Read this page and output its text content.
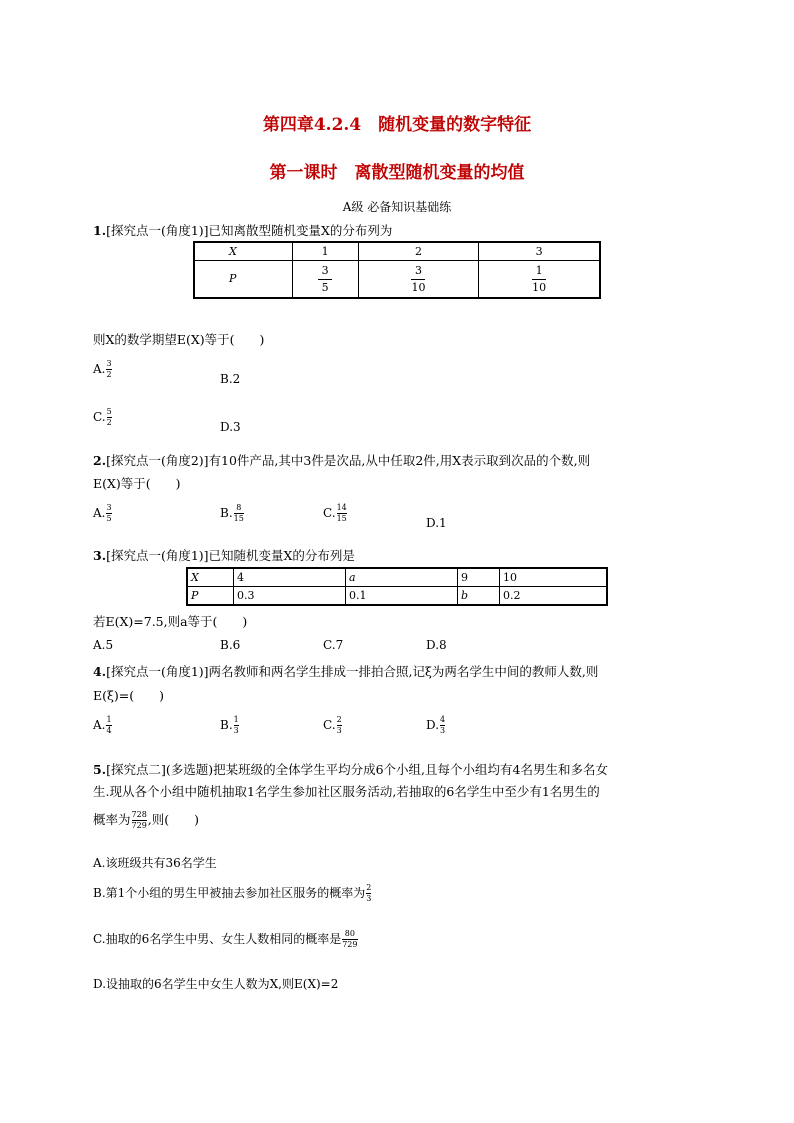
第四章4.2.4　随机变量的数字特征
第一课时　离散型随机变量的均值
A级 必备知识基础练
1.[探究点一(角度1)]已知离散型随机变量X的分布列为
X	1	2	3
P	$\frac{3}{5}$	$\frac{3}{10}$	$\frac{1}{10}$
则X的数学期望E(X)等于(　　)
A. $\frac{3}{2}$	B.2
C. $\frac{5}{2}$	D.3
2.[探究点一(角度2)]有10件产品,其中3件是次品,从中任取2件,用X表示取到次品的个数,则
E(X)等于(　　)
A. $\frac{3}{5}$	B. $\frac{8}{15}$	C. $\frac{14}{15}$	D.1
3.[探究点一(角度1)]已知随机变量X的分布列是
X	4	a	9	10
P	0.3	0.1	b	0.2
若E(X)=7.5,则a等于(　　)
A.5	B.6	C.7	D.8
4.[探究点一(角度1)]两名教师和两名学生排成一排拍合照,记ξ为两名学生中间的教师人数,则
E(ξ)=(　　)
A. $\frac{1}{4}$	B. $\frac{1}{3}$	C. $\frac{2}{3}$	D. $\frac{4}{3}$
5.[探究点二](多选题)把某班级的全体学生平均分成6个小组,且每个小组均有4名男生和多名女
生.现从各个小组中随机抽取1名学生参加社区服务活动,若抽取的6名学生中至少有1名男生的
概率为 $\frac{728}{729}$ ,则(　　)
A.该班级共有36名学生
B.第1个小组的男生甲被抽去参加社区服务的概率为 $\frac{2}{3}$
C.抽取的6名学生中男、女生人数相同的概率是 $\frac{80}{729}$
D.设抽取的6名学生中女生人数为X,则E(X)=2
